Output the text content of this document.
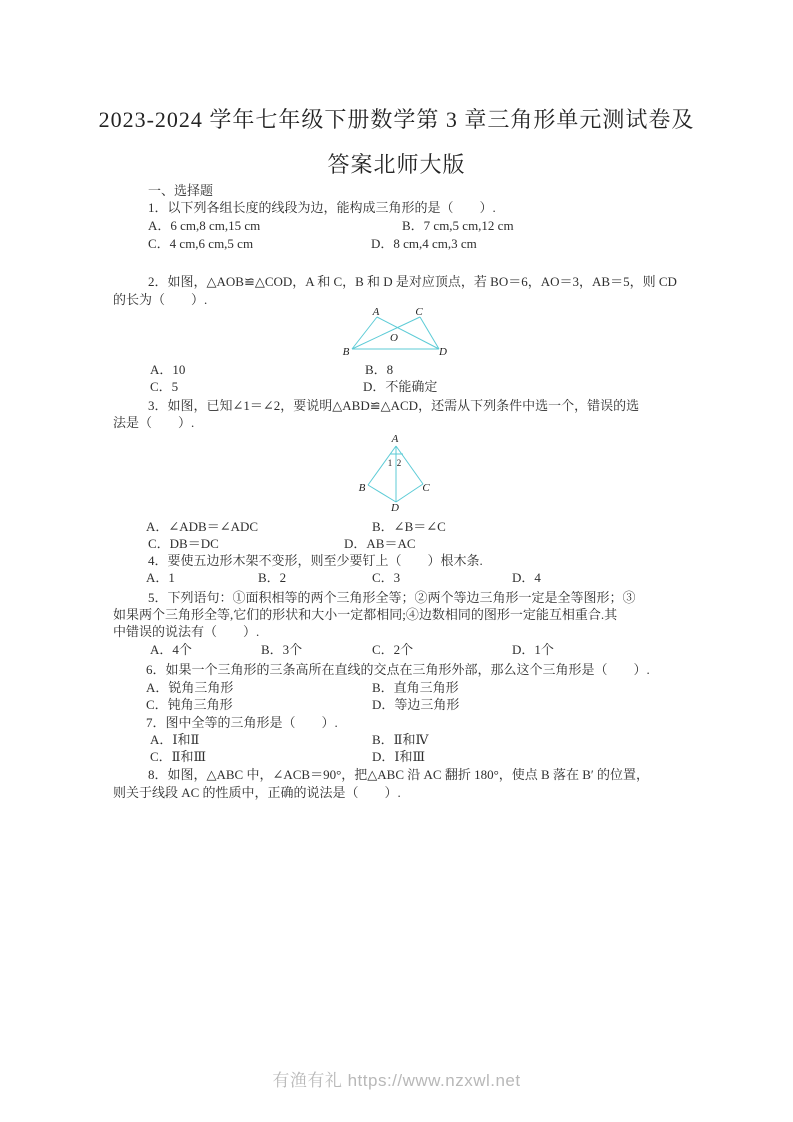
2023-2024 学年七年级下册数学第 3 章三角形单元测试卷及
答案北师大版
一、选择题
1．以下列各组长度的线段为边，能构成三角形的是（　　）.
A．6 cm,8 cm,15 cm	B．7 cm,5 cm,12 cm
C．4 cm,6 cm,5 cm	D．8 cm,4 cm,3 cm
2．如图，△AOB≌△COD，A 和 C，B 和 D 是对应顶点，若 BO＝6，AO＝3，AB＝5，则 CD
的长为（　　）.
A	C
B	D
O
A．10	B．8
C．5	D．不能确定
3．如图，已知∠1＝∠2，要说明△ABD≌△ACD，还需从下列条件中选一个，错误的选
法是（　　）.
A
B	C
D
1 2
A．∠ADB＝∠ADC	B．∠B＝∠C
C．DB＝DC	D．AB＝AC
4．要使五边形木架不变形，则至少要钉上（　　）根木条.
A．1	B．2	C．3	D．4
5．下列语句：①面积相等的两个三角形全等；②两个等边三角形一定是全等图形；③
如果两个三角形全等,它们的形状和大小一定都相同;④边数相同的图形一定能互相重合.其
中错误的说法有（　　）.
A．4个	B．3个	C．2个	D．1个
6．如果一个三角形的三条高所在直线的交点在三角形外部，那么这个三角形是（　　）.
A．锐角三角形	B．直角三角形
C．钝角三角形	D．等边三角形
7．图中全等的三角形是（　　）.
A．Ⅰ和Ⅱ	B．Ⅱ和Ⅳ
C．Ⅱ和Ⅲ	D．Ⅰ和Ⅲ
8．如图，△ABC 中，∠ACB＝90°，把△ABC 沿 AC 翻折 180°，使点 B 落在 B′ 的位置，
则关于线段 AC 的性质中，正确的说法是（　　）.
有渔有礼 https://www.nzxwl.net
